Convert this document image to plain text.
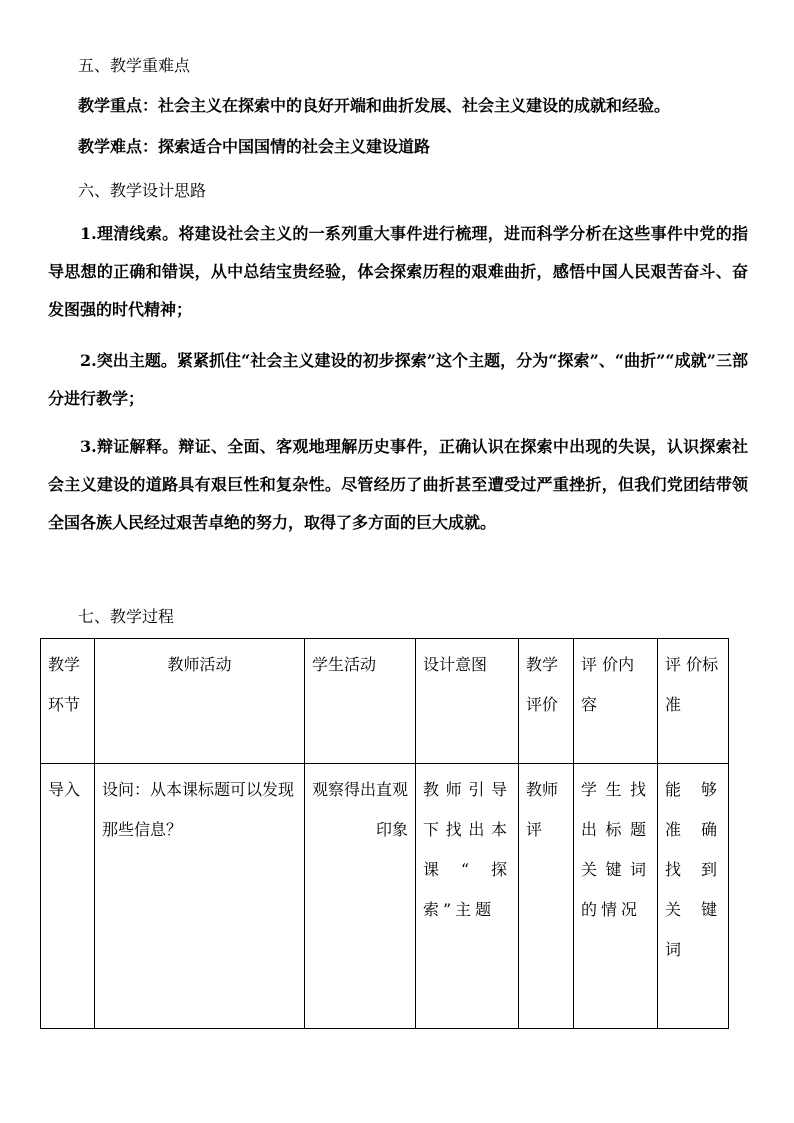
五、教学重难点
教学重点：社会主义在探索中的良好开端和曲折发展、社会主义建设的成就和经验。
教学难点：探索适合中国国情的社会主义建设道路
六、教学设计思路
1.理清线索。将建设社会主义的一系列重大事件进行梳理，进而科学分析在这些事件中党的指导思想的正确和错误，从中总结宝贵经验，体会探索历程的艰难曲折，感悟中国人民艰苦奋斗、奋发图强的时代精神；
2.突出主题。紧紧抓住“社会主义建设的初步探索”这个主题，分为“探索”、“曲折”“成就”三部分进行教学；
3.辩证解释。辩证、全面、客观地理解历史事件，正确认识在探索中出现的失误，认识探索社会主义建设的道路具有艰巨性和复杂性。尽管经历了曲折甚至遭受过严重挫折，但我们党团结带领全国各族人民经过艰苦卓绝的努力，取得了多方面的巨大成就。
七、教学过程
教学环节	教师活动	学生活动	设计意图	教学评价	评 价内容	评 价标准
导入	设问：从本课标题可以发现那些信息？	观察得出直观印象	教师引导下找出本课“探索”主题	教师评	学生找出标题关键词的情况	能够准确找到关键词
